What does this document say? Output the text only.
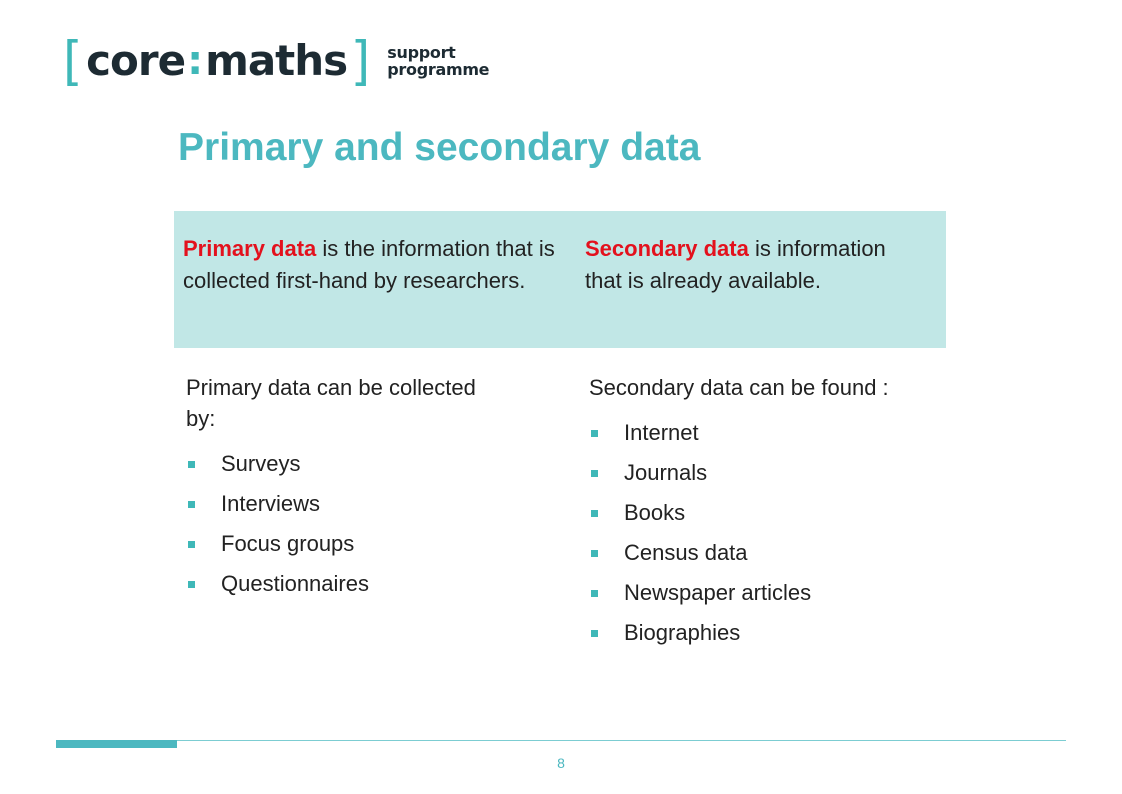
[ core : maths ] support
programme
Primary and secondary data
Primary data is the information that is collected first-hand by researchers.
Secondary data is information that is already available.
Primary data can be collected by:
Surveys
Interviews
Focus groups
Questionnaires
Secondary data can be found :
Internet
Journals
Books
Census data
Newspaper articles
Biographies
8
